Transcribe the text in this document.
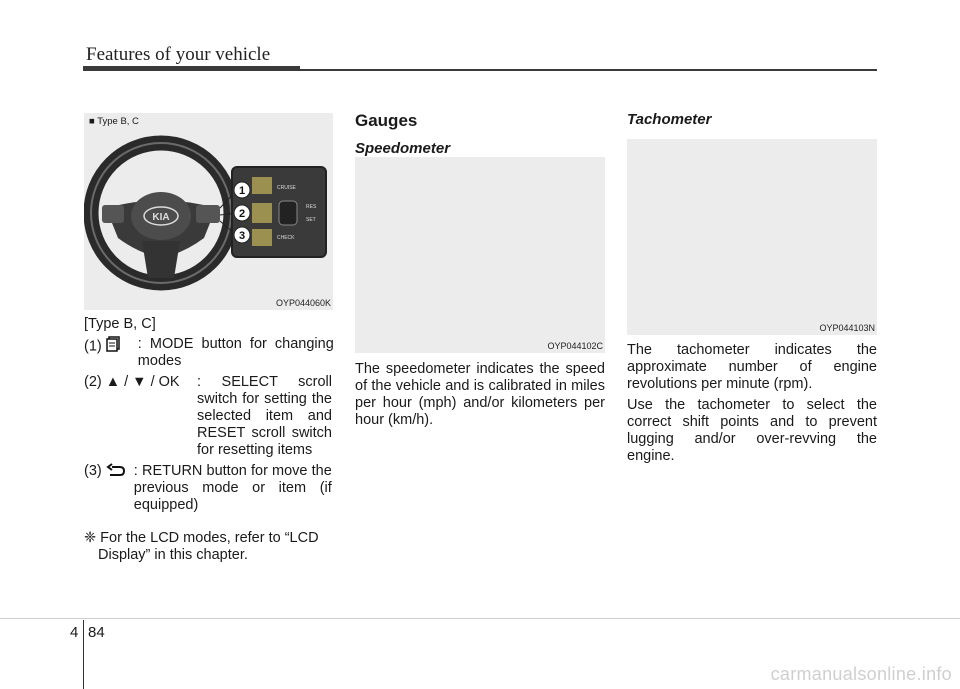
Features of your vehicle
■ Type B, C
KIA
CRUISE
CHECK
RES
SET
1
2
3
OYP044060K
[Type B, C]
(1) : MODE button for changing modes
(2) ▲ / ▼ / OK : SELECT scroll switch for setting the selected item and RESET scroll switch for resetting items
(3) : RETURN button for move the previous mode or item (if equipped)
❈ For the LCD modes, refer to “LCD Display” in this chapter.
Gauges
Speedometer
OYP044102C
The speedometer indicates the speed of the vehicle and is calibrated in miles per hour (mph) and/or kilometers per hour (km/h).
Tachometer
OYP044103N
The tachometer indicates the approximate number of engine revolutions per minute (rpm).
Use the tachometer to select the correct shift points and to prevent lugging and/or over-revving the engine.
4 84
carmanualsonline.info
